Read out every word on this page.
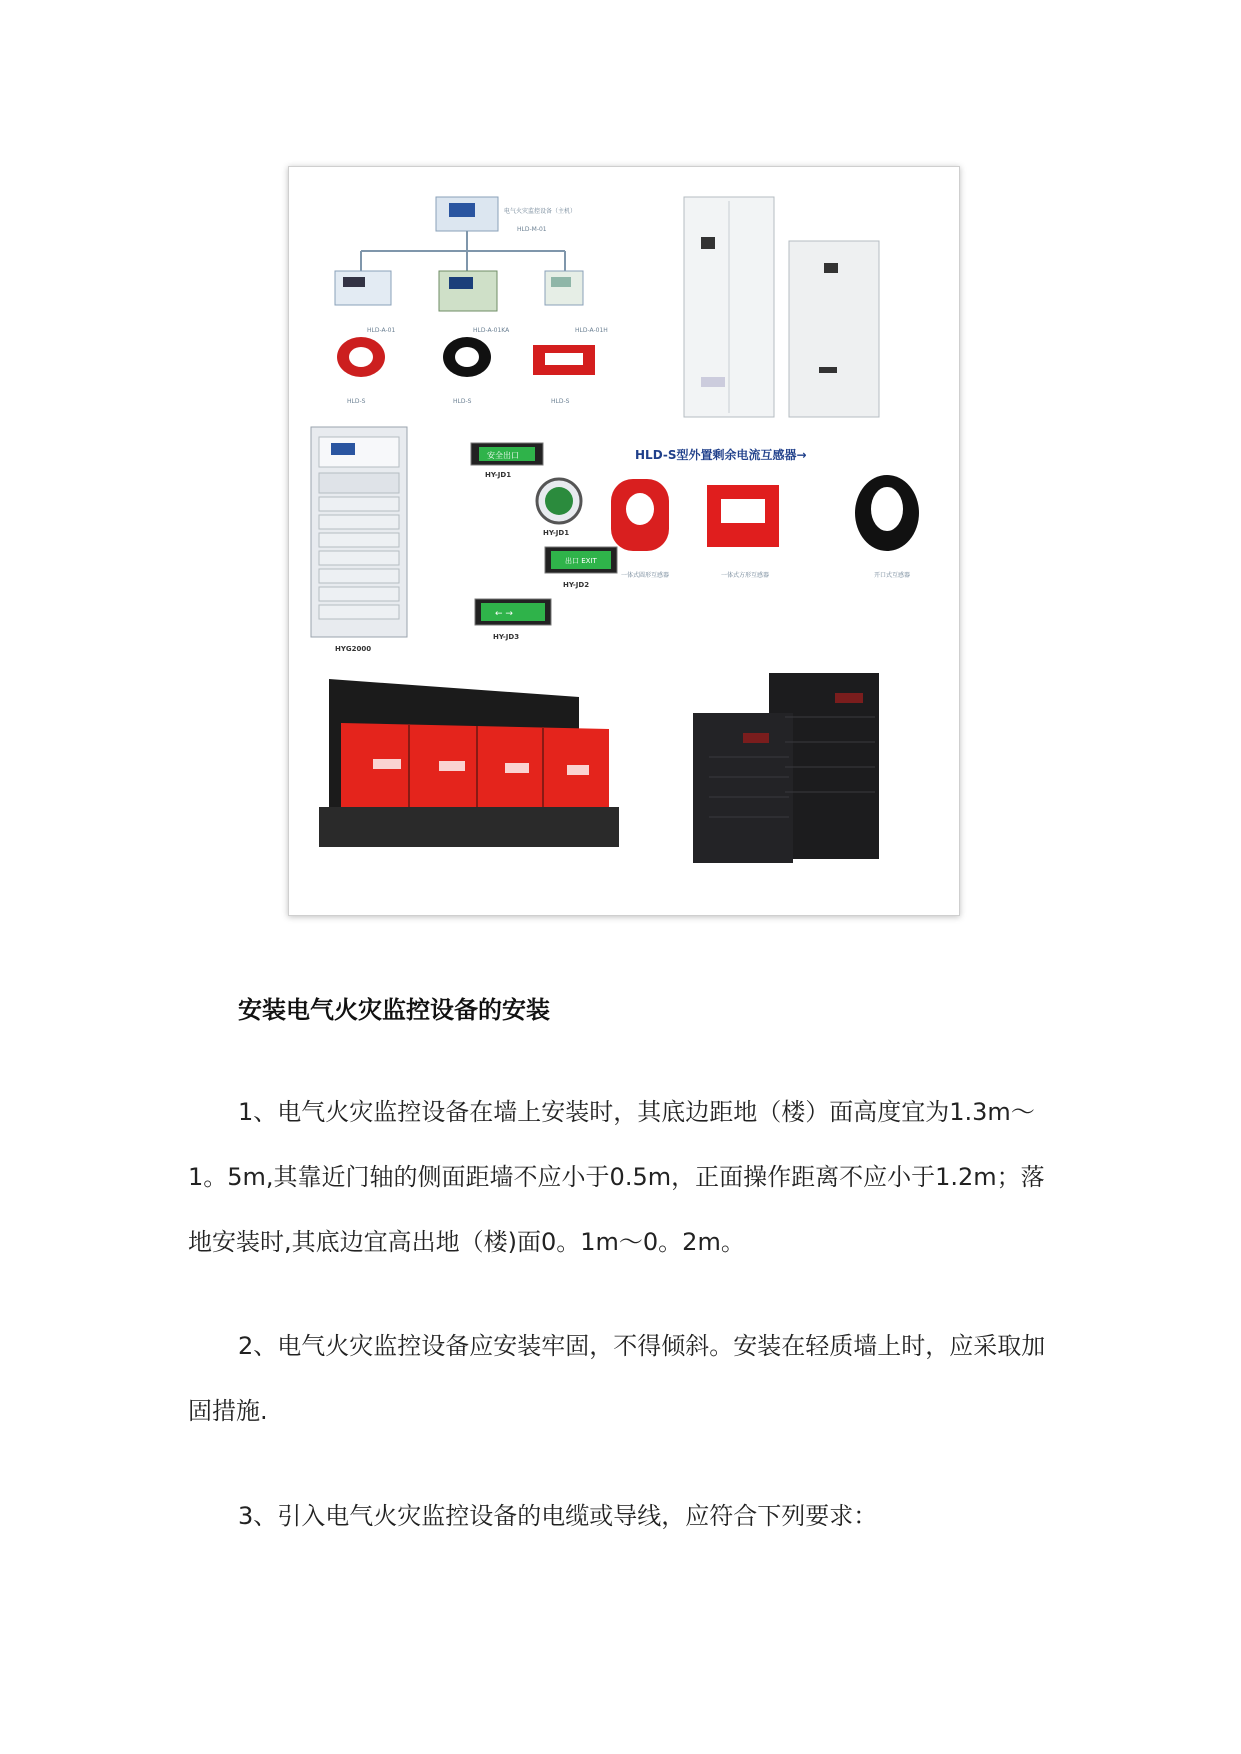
电气火灾监控设备（主机）
HLD-M-01
HLD-A-01	HLD-A-01KA	HLD-A-01H
HLD-S	HLD-S	HLD-S
HYG2000
安全出口
HY-JD1
HY-JD1
出口 EXIT
HY-JD2
← →
HY-JD3
HLD-S型外置剩余电流互感器→
一体式圆形互感器	一体式方形互感器	开口式互感器
安装电气火灾监控设备的安装

1、电气火灾监控设备在墙上安装时，其底边距地（楼）面高度宜为1.3m～1。5m,其靠近门轴的侧面距墙不应小于0.5m，正面操作距离不应小于1.2m；落地安装时,其底边宜高出地（楼)面0。1m～0。2m。

2、电气火灾监控设备应安装牢固，不得倾斜。安装在轻质墙上时，应采取加固措施.

3、引入电气火灾监控设备的电缆或导线，应符合下列要求：
